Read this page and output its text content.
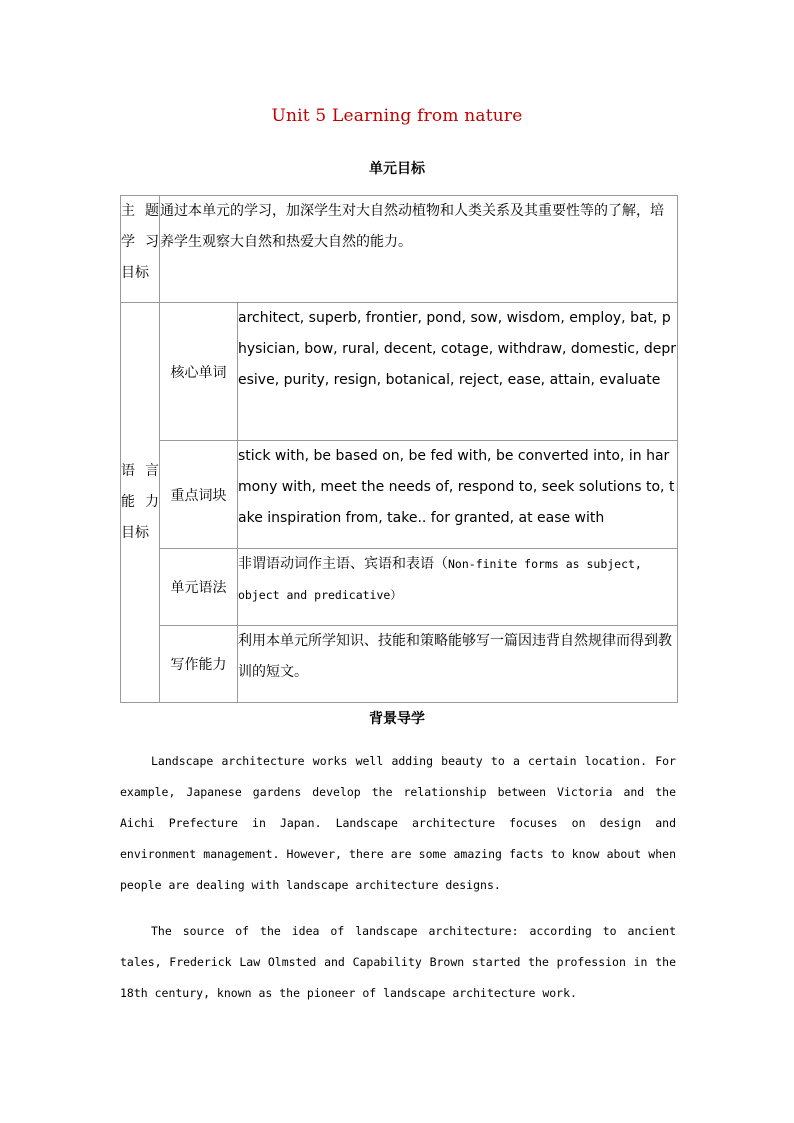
Unit 5 Learning from nature
单元目标
主 题
学 习
目标	通过本单元的学习，加深学生对大自然动植物和人类关系及其重要性等的了解，培养学生观察大自然和热爱大自然的能力。	

语 言
能 力
目标	核心单词	architect, superb, frontier, pond, sow, wisdom, employ, bat, physician, bow, rural, decent, cotage, withdraw, domestic, depresive, purity, resign, botanical, reject, ease, attain, evaluate
	重点词块	stick with, be based on, be fed with, be converted into, in harmony with, meet the needs of, respond to, seek solutions to, take inspiration from, take.. for granted, at ease with
	单元语法	非谓语动词作主语、宾语和表语（Non-finite forms as subject, object and predicative）
	写作能力	利用本单元所学知识、技能和策略能够写一篇因违背自然规律而得到教训的短文。
背景导学

Landscape architecture works well adding beauty to a certain location. For example, Japanese gardens develop the relationship between Victoria and the Aichi Prefecture in Japan. Landscape architecture focuses on design and environment management. However, there are some amazing facts to know about when people are dealing with landscape architecture designs.

The source of the idea of landscape architecture: according to ancient tales, Frederick Law Olmsted and Capability Brown started the profession in the 18th century, known as the pioneer of landscape architecture work.
